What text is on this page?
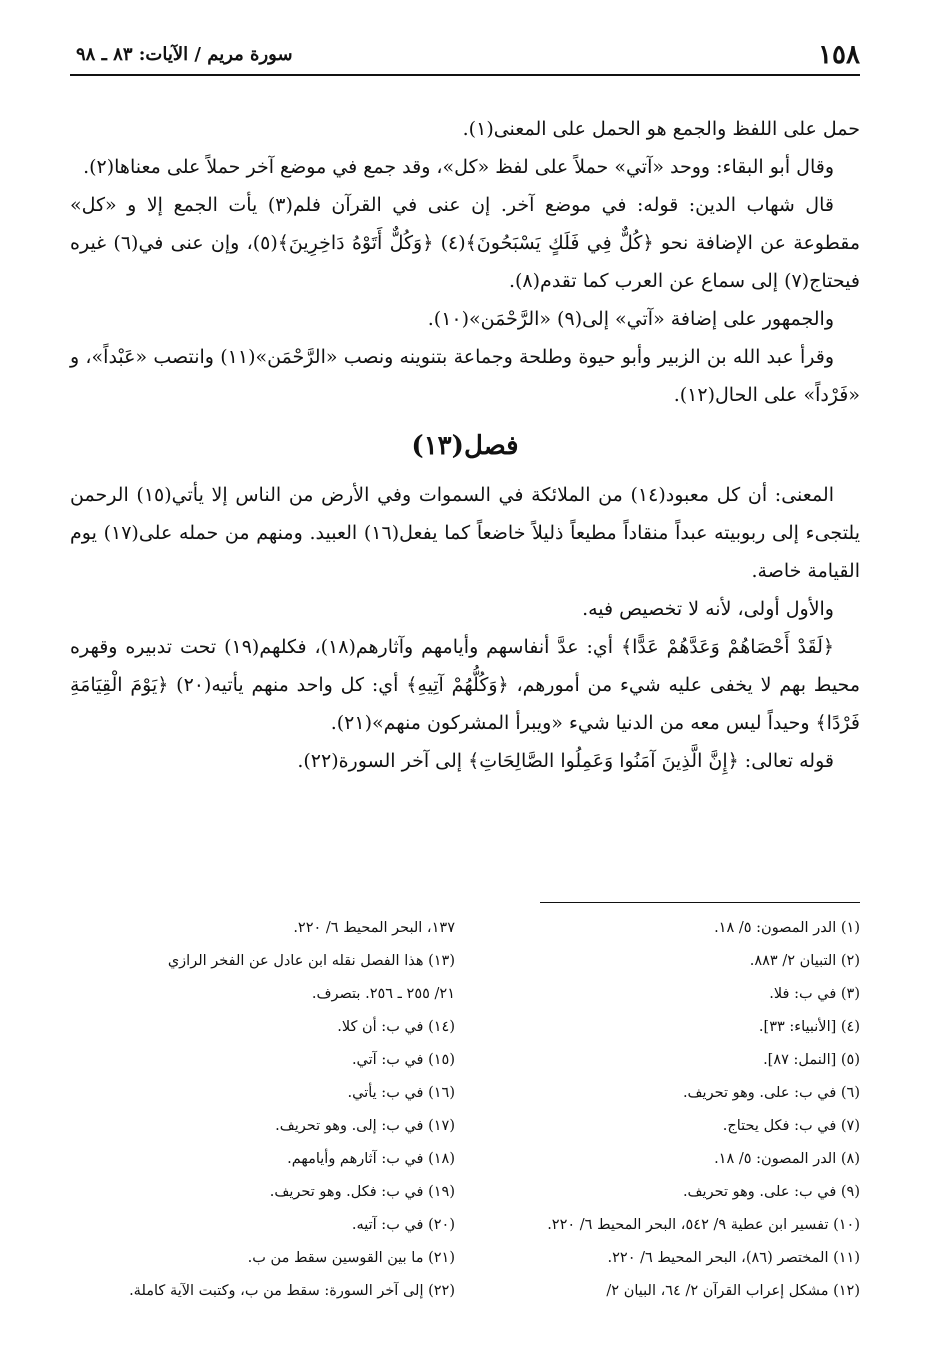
١٥٨
سورة مريم / الآيات: ٨٣ ـ ٩٨

حمل على اللفظ والجمع هو الحمل على المعنى(١).

وقال أبو البقاء: ووحد «آتي» حملاً على لفظ «كل»، وقد جمع في موضع آخر حملاً على معناها(٢).

قال شهاب الدين: قوله: في موضع آخر. إن عنى في القرآن فلم(٣) يأت الجمع إلا و «كل» مقطوعة عن الإضافة نحو ﴿كُلٌّ فِي فَلَكٍ يَسْبَحُونَ﴾(٤) ﴿وَكُلٌّ أَتَوْهُ دَاخِرِينَ﴾(٥)، وإن عنى في(٦) غيره فيحتاج(٧) إلى سماع عن العرب كما تقدم(٨).

والجمهور على إضافة «آتي» إلى(٩) «الرَّحْمَن»(١٠).

وقرأ عبد الله بن الزبير وأبو حيوة وطلحة وجماعة بتنوينه ونصب «الرَّحْمَن»(١١) وانتصب «عَبْداً»، و «فَرْداً» على الحال(١٢).

فصل(١٣)

المعنى: أن كل معبود(١٤) من الملائكة في السموات وفي الأرض من الناس إلا يأتي(١٥) الرحمن يلتجىء إلى ربوبيته عبداً منقاداً مطيعاً ذليلاً خاضعاً كما يفعل(١٦) العبيد. ومنهم من حمله على(١٧) يوم القيامة خاصة.

والأول أولى، لأنه لا تخصيص فيه.

﴿لَقَدْ أَحْصَاهُمْ وَعَدَّهُمْ عَدًّا﴾ أي: عدَّ أنفاسهم وأيامهم وآثارهم(١٨)، فكلهم(١٩) تحت تدبيره وقهره محيط بهم لا يخفى عليه شيء من أمورهم، ﴿وَكُلُّهُمْ آتِيهِ﴾ أي: كل واحد منهم يأتيه(٢٠) ﴿يَوْمَ الْقِيَامَةِ فَرْدًا﴾ وحيداً ليس معه من الدنيا شيء «ويبرأ المشركون منهم»(٢١).

قوله تعالى: ﴿إِنَّ الَّذِينَ آمَنُوا وَعَمِلُوا الصَّالِحَاتِ﴾ إلى آخر السورة(٢٢).

(١) الدر المصون: ٥/ ١٨.
(٢) التبيان ٢/ ٨٨٣.
(٣) في ب: فلا.
(٤) [الأنبياء: ٣٣].
(٥) [النمل: ٨٧].
(٦) في ب: على. وهو تحريف.
(٧) في ب: فكل يحتاج.
(٨) الدر المصون: ٥/ ١٨.
(٩) في ب: على. وهو تحريف.
(١٠) تفسير ابن عطية ٩/ ٥٤٢، البحر المحيط ٦/ ٢٢٠.
(١١) المختصر (٨٦)، البحر المحيط ٦/ ٢٢٠.
(١٢) مشكل إعراب القرآن ٢/ ٦٤، البيان ٢/
١٣٧، البحر المحيط ٦/ ٢٢٠.
(١٣) هذا الفصل نقله ابن عادل عن الفخر الرازي
٢١/ ٢٥٥ ـ ٢٥٦. بتصرف.
(١٤) في ب: أن كلا.
(١٥) في ب: آتي.
(١٦) في ب: يأتي.
(١٧) في ب: إلى. وهو تحريف.
(١٨) في ب: آثارهم وأيامهم.
(١٩) في ب: فكل. وهو تحريف.
(٢٠) في ب: آتيه.
(٢١) ما بين القوسين سقط من ب.
(٢٢) إلى آخر السورة: سقط من ب، وكتبت الآية كاملة.
